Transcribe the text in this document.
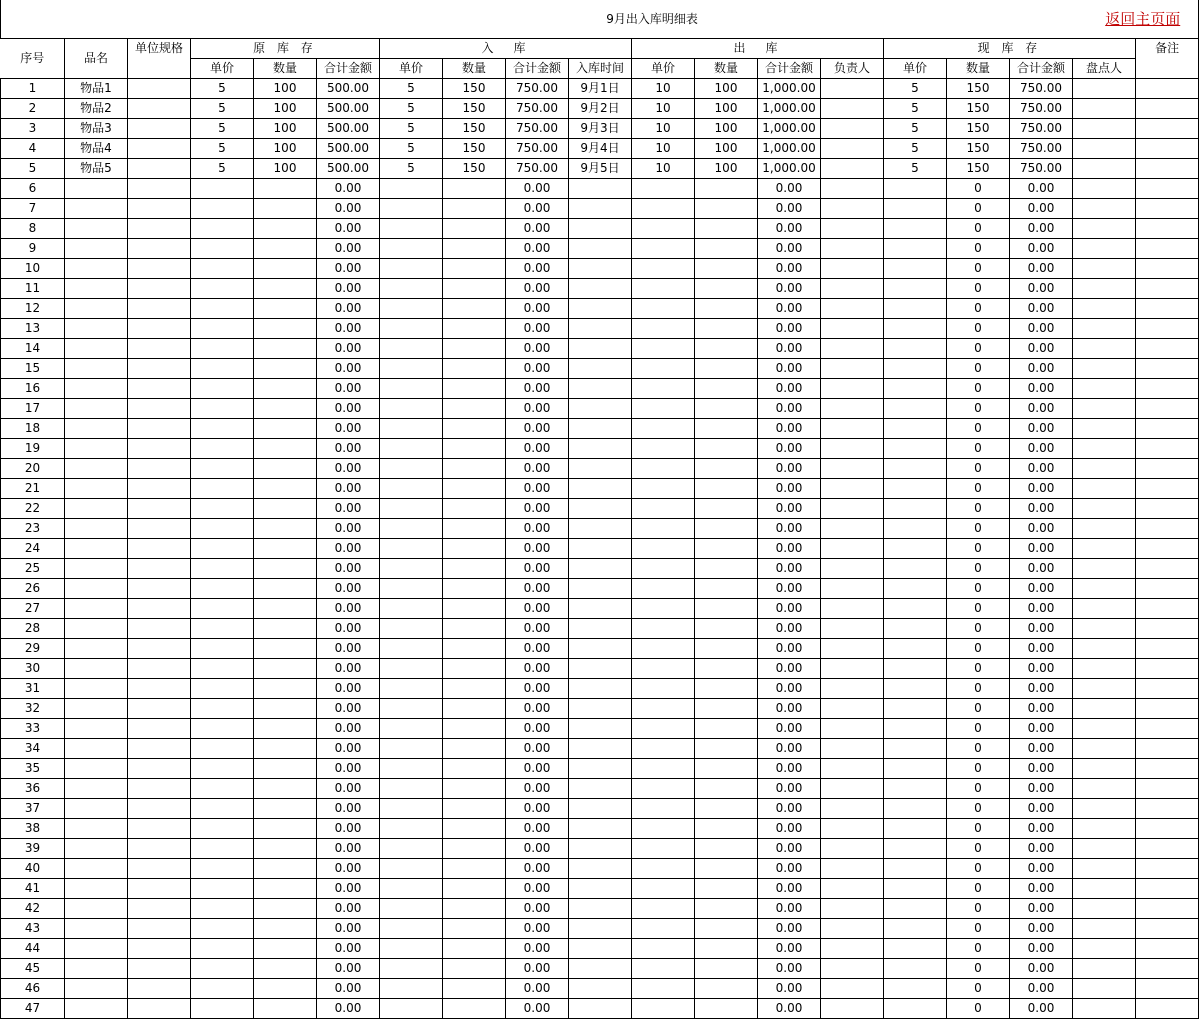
9月出入库明细表 返回主页面																		

序号	品名	单位规格	原 库 存			入　库				出　库				现 库 存				备注
			单价	数量	合计金额	单价	数量	合计金额	入库时间	单价	数量	合计金额	负责人	单价	数量	合计金额	盘点人	
1	物品1		5	100	500.00	5	150	750.00	9月1日	10	100	1,000.00		5	150	750.00		
2	物品2		5	100	500.00	5	150	750.00	9月2日	10	100	1,000.00		5	150	750.00		
3	物品3		5	100	500.00	5	150	750.00	9月3日	10	100	1,000.00		5	150	750.00		
4	物品4		5	100	500.00	5	150	750.00	9月4日	10	100	1,000.00		5	150	750.00		
5	物品5		5	100	500.00	5	150	750.00	9月5日	10	100	1,000.00		5	150	750.00		
6					0.00			0.00				0.00			0	0.00		
7					0.00			0.00				0.00			0	0.00		
8					0.00			0.00				0.00			0	0.00		
9					0.00			0.00				0.00			0	0.00		
10					0.00			0.00				0.00			0	0.00		
11					0.00			0.00				0.00			0	0.00		
12					0.00			0.00				0.00			0	0.00		
13					0.00			0.00				0.00			0	0.00		
14					0.00			0.00				0.00			0	0.00		
15					0.00			0.00				0.00			0	0.00		
16					0.00			0.00				0.00			0	0.00		
17					0.00			0.00				0.00			0	0.00		
18					0.00			0.00				0.00			0	0.00		
19					0.00			0.00				0.00			0	0.00		
20					0.00			0.00				0.00			0	0.00		
21					0.00			0.00				0.00			0	0.00		
22					0.00			0.00				0.00			0	0.00		
23					0.00			0.00				0.00			0	0.00		
24					0.00			0.00				0.00			0	0.00		
25					0.00			0.00				0.00			0	0.00		
26					0.00			0.00				0.00			0	0.00		
27					0.00			0.00				0.00			0	0.00		
28					0.00			0.00				0.00			0	0.00		
29					0.00			0.00				0.00			0	0.00		
30					0.00			0.00				0.00			0	0.00		
31					0.00			0.00				0.00			0	0.00		
32					0.00			0.00				0.00			0	0.00		
33					0.00			0.00				0.00			0	0.00		
34					0.00			0.00				0.00			0	0.00		
35					0.00			0.00				0.00			0	0.00		
36					0.00			0.00				0.00			0	0.00		
37					0.00			0.00				0.00			0	0.00		
38					0.00			0.00				0.00			0	0.00		
39					0.00			0.00				0.00			0	0.00		
40					0.00			0.00				0.00			0	0.00		
41					0.00			0.00				0.00			0	0.00		
42					0.00			0.00				0.00			0	0.00		
43					0.00			0.00				0.00			0	0.00		
44					0.00			0.00				0.00			0	0.00		
45					0.00			0.00				0.00			0	0.00		
46					0.00			0.00				0.00			0	0.00		
47					0.00			0.00				0.00			0	0.00		
